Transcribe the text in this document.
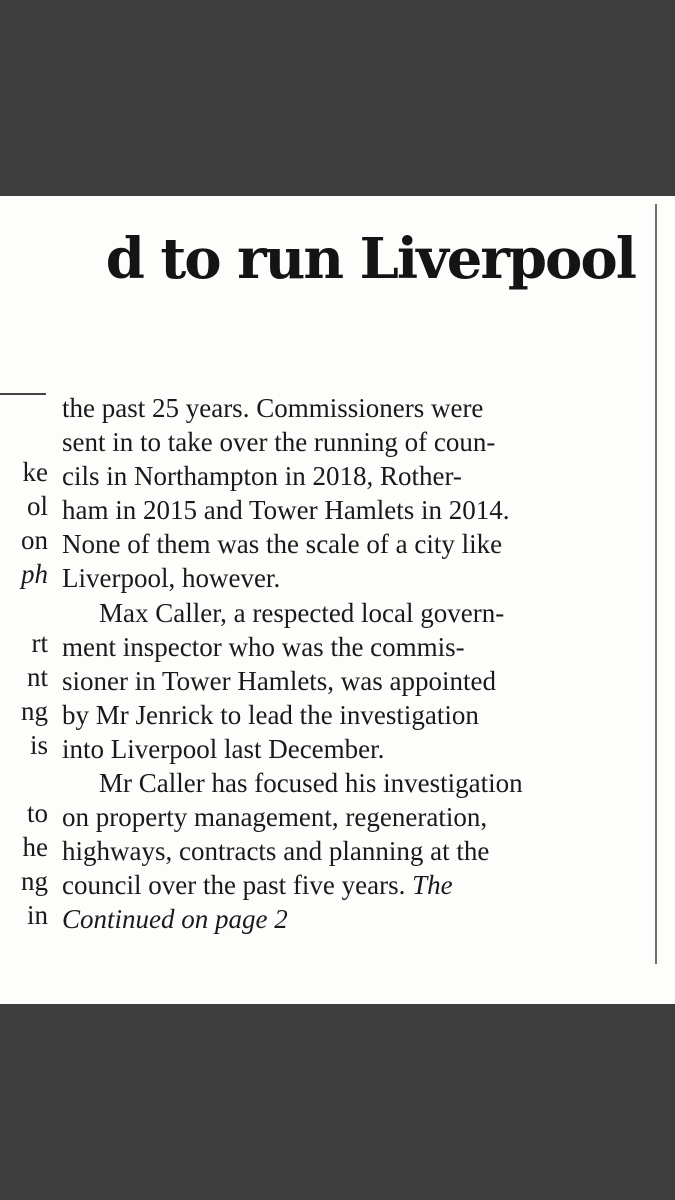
d to run Liverpool
ke
ol
on
ph
rt
nt
ng
is
to
he
ng
in
the past 25 years. Commissioners were
sent in to take over the running of coun-
cils in Northampton in 2018, Rother-
ham in 2015 and Tower Hamlets in 2014.
None of them was the scale of a city like
Liverpool, however.
Max Caller, a respected local govern-
ment inspector who was the commis-
sioner in Tower Hamlets, was appointed
by Mr Jenrick to lead the investigation
into Liverpool last December.
Mr Caller has focused his investigation
on property management, regeneration,
highways, contracts and planning at the
council over the past five years. The
Continued on page 2
